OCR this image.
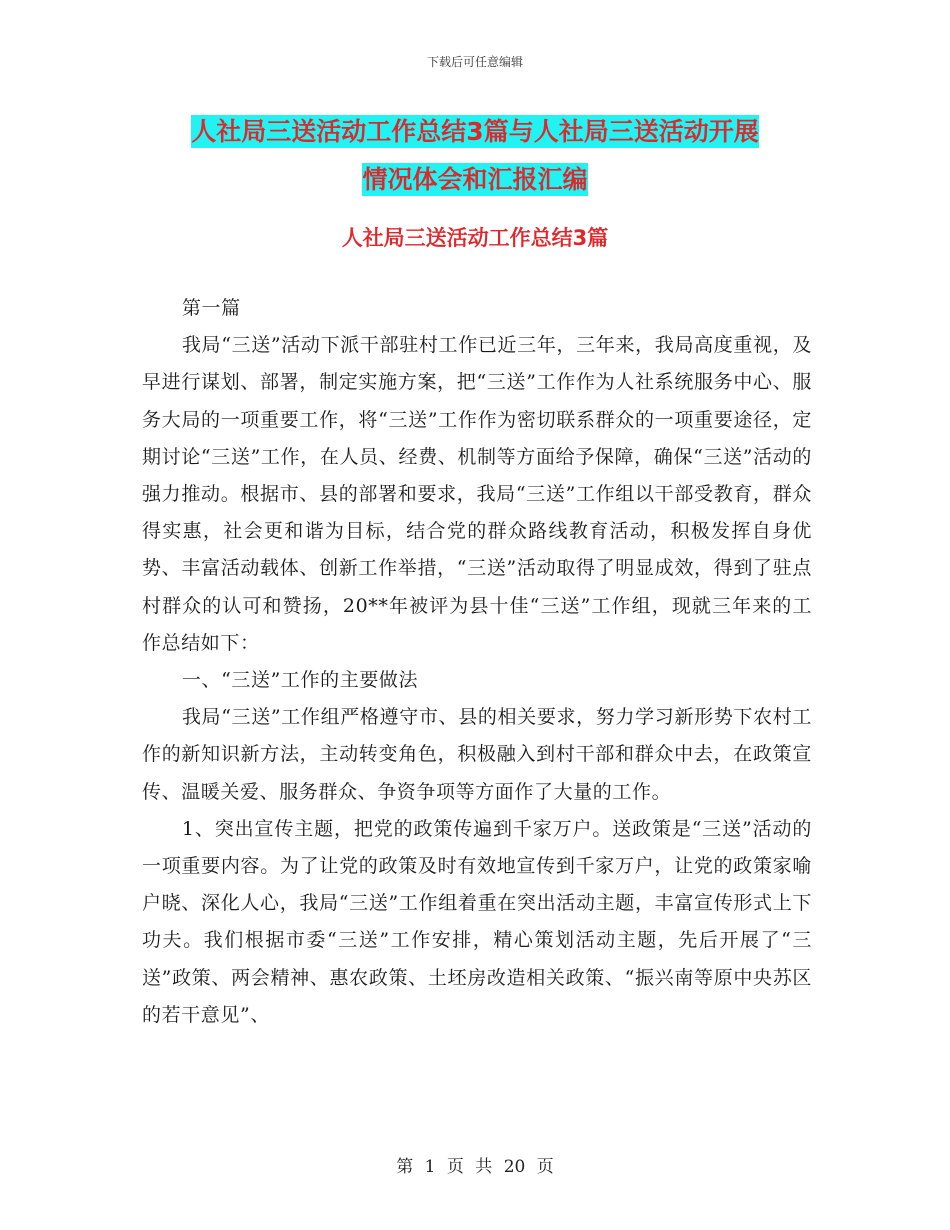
下载后可任意编辑
人社局三送活动工作总结3篇与人社局三送活动开展
情况体会和汇报汇编
人社局三送活动工作总结3篇

第一篇

我局“三送”活动下派干部驻村工作已近三年，三年来，我局高度重视，及早进行谋划、部署，制定实施方案，把“三送”工作作为人社系统服务中心、服务大局的一项重要工作，将“三送”工作作为密切联系群众的一项重要途径，定期讨论“三送”工作，在人员、经费、机制等方面给予保障，确保“三送”活动的强力推动。根据市、县的部署和要求，我局“三送”工作组以干部受教育，群众得实惠，社会更和谐为目标，结合党的群众路线教育活动，积极发挥自身优势、丰富活动载体、创新工作举措，“三送”活动取得了明显成效，得到了驻点村群众的认可和赞扬，20**年被评为县十佳“三送”工作组，现就三年来的工作总结如下：

一、“三送”工作的主要做法

我局“三送”工作组严格遵守市、县的相关要求，努力学习新形势下农村工作的新知识新方法，主动转变角色，积极融入到村干部和群众中去，在政策宣传、温暖关爱、服务群众、争资争项等方面作了大量的工作。

1、突出宣传主题，把党的政策传遍到千家万户。送政策是“三送”活动的一项重要内容。为了让党的政策及时有效地宣传到千家万户，让党的政策家喻户晓、深化人心，我局“三送”工作组着重在突出活动主题，丰富宣传形式上下功夫。我们根据市委“三送”工作安排，精心策划活动主题，先后开展了“三送”政策、两会精神、惠农政策、土坯房改造相关政策、“振兴南等原中央苏区的若干意见”、

第 1 页 共 20 页
